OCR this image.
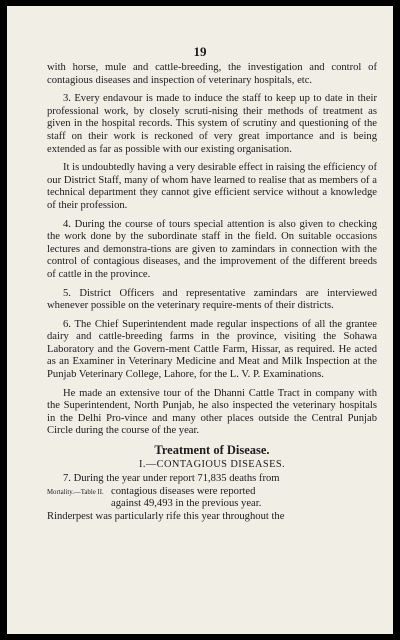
19

with horse, mule and cattle-breeding, the investigation and control of contagious diseases and inspection of veterinary hospitals, etc.

3. Every endavour is made to induce the staff to keep up to date in their professional work, by closely scruti-nising their methods of treatment as given in the hospital records. This system of scrutiny and questioning of the staff on their work is reckoned of very great importance and is being extended as far as possible with our existing organisation.

It is undoubtedly having a very desirable effect in raising the efficiency of our District Staff, many of whom have learned to realise that as members of a technical department they cannot give efficient service without a knowledge of their profession.

4. During the course of tours special attention is also given to checking the work done by the subordinate staff in the field. On suitable occasions lectures and demonstra-tions are given to zamindars in connection with the control of contagious diseases, and the improvement of the different breeds of cattle in the province.

5. District Officers and representative zamindars are interviewed whenever possible on the veterinary require-ments of their districts.

6. The Chief Superintendent made regular inspections of all the grantee dairy and cattle-breeding farms in the province, visiting the Sohawa Laboratory and the Govern-ment Cattle Farm, Hissar, as required. He acted as an Examiner in Veterinary Medicine and Meat and Milk Inspection at the Punjab Veterinary College, Lahore, for the L. V. P. Examinations.

He made an extensive tour of the Dhanni Cattle Tract in company with the Superintendent, North Punjab, he also inspected the veterinary hospitals in the Delhi Pro-vince and many other places outside the Central Punjab Circle during the course of the year.

Treatment of Disease.
I.—CONTAGIOUS DISEASES.
Mortality.—Table II.
7. During the year under report 71,835 deaths from
contagious diseases were reported
against 49,493 in the previous year.
Rinderpest was particularly rife this year throughout the
